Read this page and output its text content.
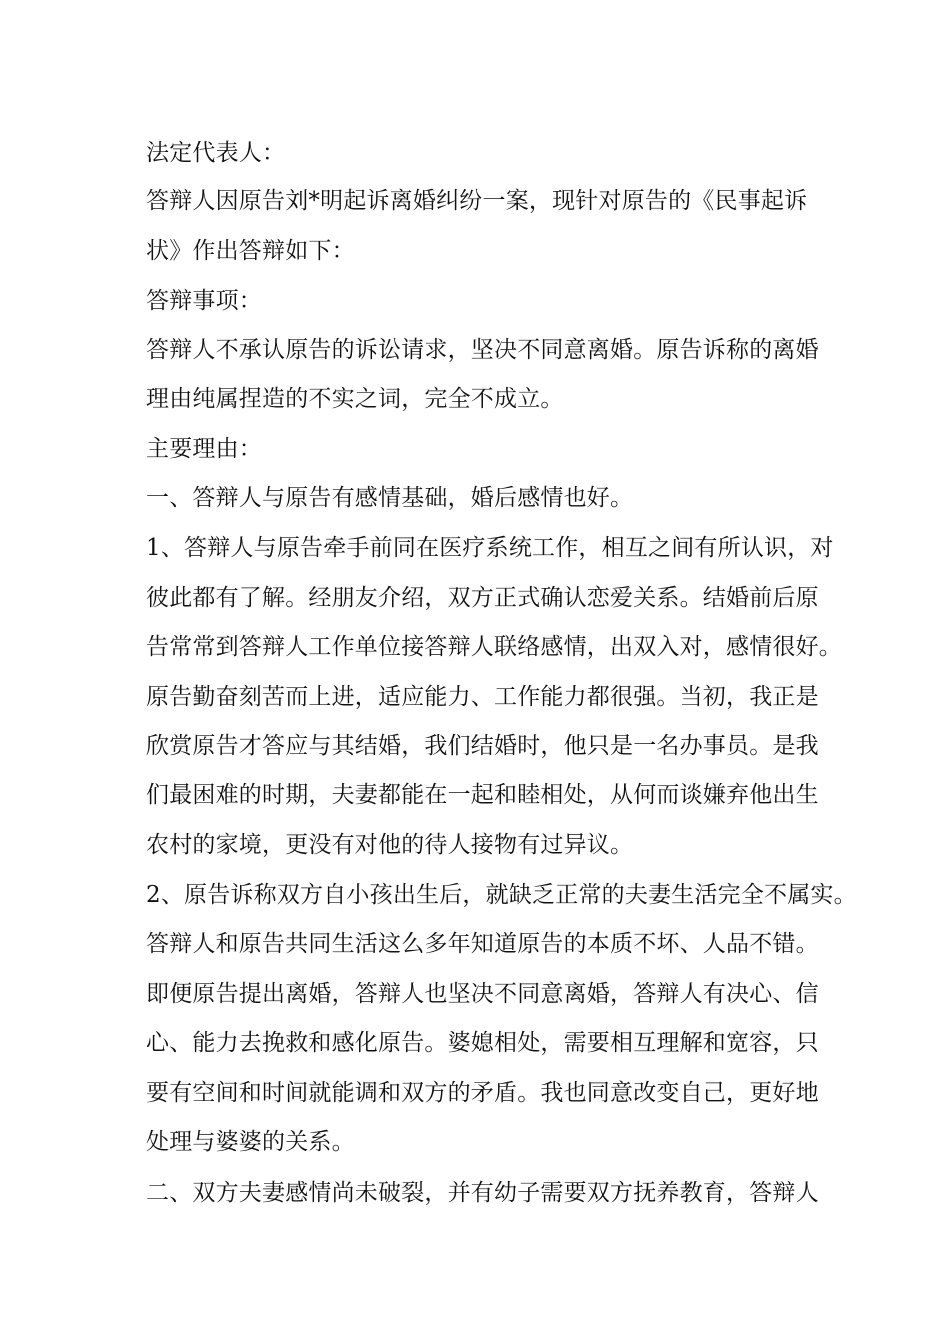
法定代表人：
答辩人因原告刘*明起诉离婚纠纷一案，现针对原告的《民事起诉
状》作出答辩如下：
答辩事项：
答辩人不承认原告的诉讼请求，坚决不同意离婚。原告诉称的离婚
理由纯属捏造的不实之词，完全不成立。
主要理由：
一、答辩人与原告有感情基础，婚后感情也好。
1、答辩人与原告牵手前同在医疗系统工作，相互之间有所认识，对
彼此都有了解。经朋友介绍，双方正式确认恋爱关系。结婚前后原
告常常到答辩人工作单位接答辩人联络感情，出双入对，感情很好。
原告勤奋刻苦而上进，适应能力、工作能力都很强。当初，我正是
欣赏原告才答应与其结婚，我们结婚时，他只是一名办事员。是我
们最困难的时期，夫妻都能在一起和睦相处，从何而谈嫌弃他出生
农村的家境，更没有对他的待人接物有过异议。
2、原告诉称双方自小孩出生后，就缺乏正常的夫妻生活完全不属实。
答辩人和原告共同生活这么多年知道原告的本质不坏、人品不错。
即便原告提出离婚，答辩人也坚决不同意离婚，答辩人有决心、信
心、能力去挽救和感化原告。婆媳相处，需要相互理解和宽容，只
要有空间和时间就能调和双方的矛盾。我也同意改变自己，更好地
处理与婆婆的关系。
二、双方夫妻感情尚未破裂，并有幼子需要双方抚养教育，答辩人
